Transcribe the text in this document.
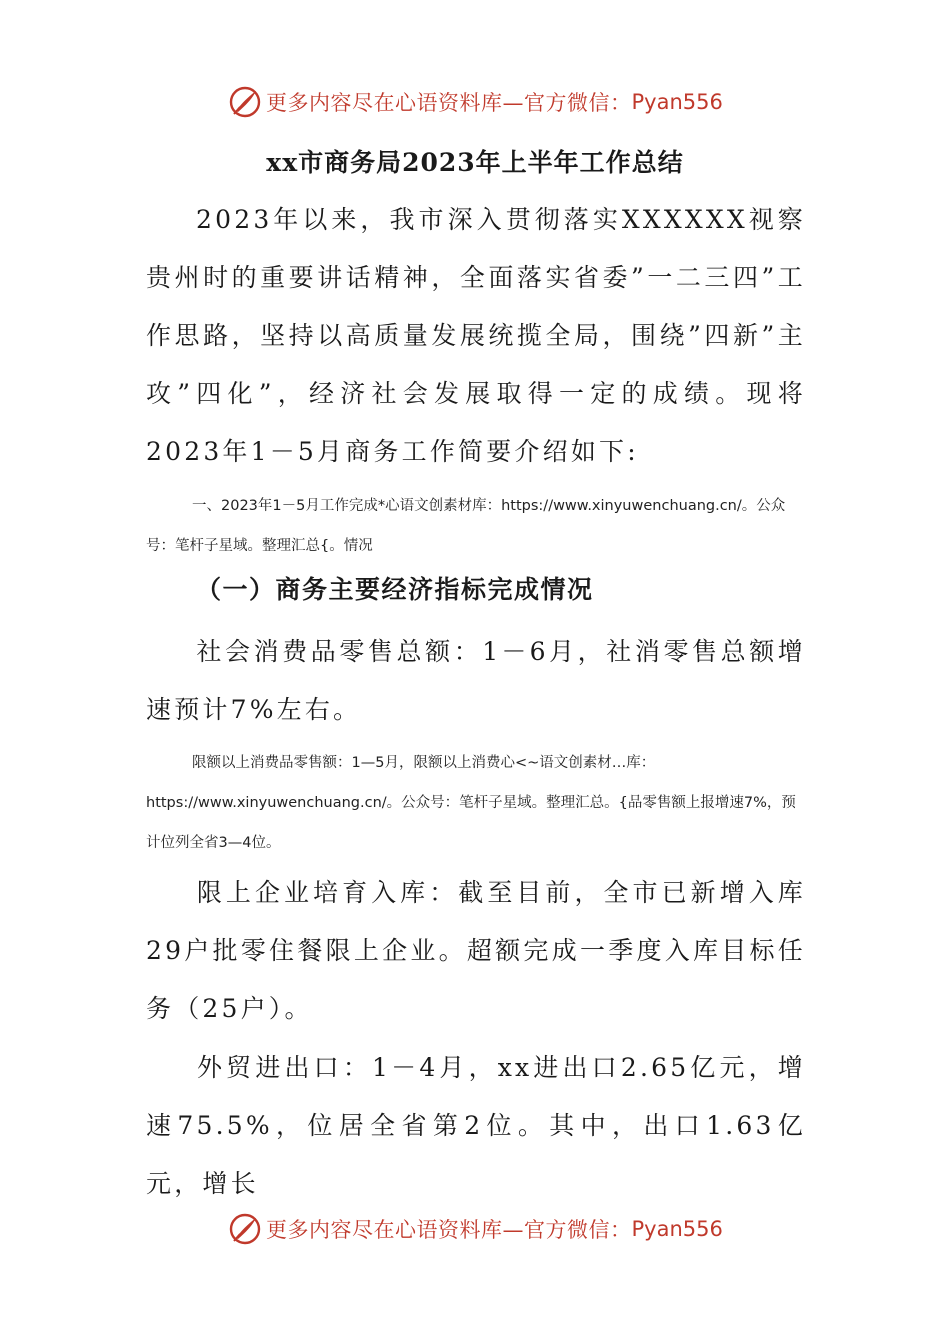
更多内容尽在心语资料库—官方微信： Pyan556
xx市商务局2023年上半年工作总结

2023年以来，我市深入贯彻落实XXXXXX视察贵州时的重要讲话精神，全面落实省委”一二三四”工作思路，坚持以高质量发展统揽全局，围绕”四新”主攻”四化”，经济社会发展取得一定的成绩。现将2023年1－5月商务工作简要介绍如下:

一、2023年1－5月工作完成*心语文创素材库：https://www.xinyuwenchuang.cn/。公众号：笔杆子星域。整理汇总{。情况

（一）商务主要经济指标完成情况

社会消费品零售总额：1－6月，社消零售总额增速预计7%左右。

限额以上消费品零售额：1—5月，限额以上消费心<~语文创素材…库：https://www.xinyuwenchuang.cn/。公众号：笔杆子星域。整理汇总。{品零售额上报增速7%，预计位列全省3—4位。

限上企业培育入库：截至目前，全市已新增入库29户批零住餐限上企业。超额完成一季度入库目标任务（25户）。

外贸进出口：1－4月，xx进出口2.65亿元，增速75.5%，位居全省第2位。其中，出口1.63亿元，增长

更多内容尽在心语资料库—官方微信： Pyan556
